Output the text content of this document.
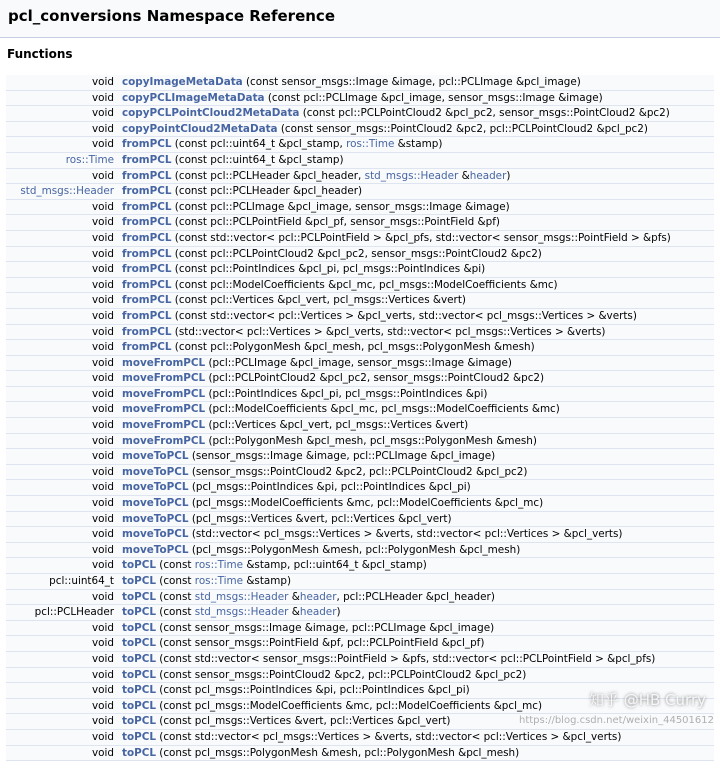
pcl_conversions Namespace Reference
Functions
void	copyImageMetaData (const sensor_msgs::Image &image, pcl::PCLImage &pcl_image)
void	copyPCLImageMetaData (const pcl::PCLImage &pcl_image, sensor_msgs::Image &image)
void	copyPCLPointCloud2MetaData (const pcl::PCLPointCloud2 &pcl_pc2, sensor_msgs::PointCloud2 &pc2)
void	copyPointCloud2MetaData (const sensor_msgs::PointCloud2 &pc2, pcl::PCLPointCloud2 &pcl_pc2)
void	fromPCL (const pcl::uint64_t &pcl_stamp, ros::Time &stamp)
ros::Time	fromPCL (const pcl::uint64_t &pcl_stamp)
void	fromPCL (const pcl::PCLHeader &pcl_header, std_msgs::Header &header)
std_msgs::Header	fromPCL (const pcl::PCLHeader &pcl_header)
void	fromPCL (const pcl::PCLImage &pcl_image, sensor_msgs::Image &image)
void	fromPCL (const pcl::PCLPointField &pcl_pf, sensor_msgs::PointField &pf)
void	fromPCL (const std::vector< pcl::PCLPointField > &pcl_pfs, std::vector< sensor_msgs::PointField > &pfs)
void	fromPCL (const pcl::PCLPointCloud2 &pcl_pc2, sensor_msgs::PointCloud2 &pc2)
void	fromPCL (const pcl::PointIndices &pcl_pi, pcl_msgs::PointIndices &pi)
void	fromPCL (const pcl::ModelCoefficients &pcl_mc, pcl_msgs::ModelCoefficients &mc)
void	fromPCL (const pcl::Vertices &pcl_vert, pcl_msgs::Vertices &vert)
void	fromPCL (const std::vector< pcl::Vertices > &pcl_verts, std::vector< pcl_msgs::Vertices > &verts)
void	fromPCL (std::vector< pcl::Vertices > &pcl_verts, std::vector< pcl_msgs::Vertices > &verts)
void	fromPCL (const pcl::PolygonMesh &pcl_mesh, pcl_msgs::PolygonMesh &mesh)
void	moveFromPCL (pcl::PCLImage &pcl_image, sensor_msgs::Image &image)
void	moveFromPCL (pcl::PCLPointCloud2 &pcl_pc2, sensor_msgs::PointCloud2 &pc2)
void	moveFromPCL (pcl::PointIndices &pcl_pi, pcl_msgs::PointIndices &pi)
void	moveFromPCL (pcl::ModelCoefficients &pcl_mc, pcl_msgs::ModelCoefficients &mc)
void	moveFromPCL (pcl::Vertices &pcl_vert, pcl_msgs::Vertices &vert)
void	moveFromPCL (pcl::PolygonMesh &pcl_mesh, pcl_msgs::PolygonMesh &mesh)
void	moveToPCL (sensor_msgs::Image &image, pcl::PCLImage &pcl_image)
void	moveToPCL (sensor_msgs::PointCloud2 &pc2, pcl::PCLPointCloud2 &pcl_pc2)
void	moveToPCL (pcl_msgs::PointIndices &pi, pcl::PointIndices &pcl_pi)
void	moveToPCL (pcl_msgs::ModelCoefficients &mc, pcl::ModelCoefficients &pcl_mc)
void	moveToPCL (pcl_msgs::Vertices &vert, pcl::Vertices &pcl_vert)
void	moveToPCL (std::vector< pcl_msgs::Vertices > &verts, std::vector< pcl::Vertices > &pcl_verts)
void	moveToPCL (pcl_msgs::PolygonMesh &mesh, pcl::PolygonMesh &pcl_mesh)
void	toPCL (const ros::Time &stamp, pcl::uint64_t &pcl_stamp)
pcl::uint64_t	toPCL (const ros::Time &stamp)
void	toPCL (const std_msgs::Header &header, pcl::PCLHeader &pcl_header)
pcl::PCLHeader	toPCL (const std_msgs::Header &header)
void	toPCL (const sensor_msgs::Image &image, pcl::PCLImage &pcl_image)
void	toPCL (const sensor_msgs::PointField &pf, pcl::PCLPointField &pcl_pf)
void	toPCL (const std::vector< sensor_msgs::PointField > &pfs, std::vector< pcl::PCLPointField > &pcl_pfs)
void	toPCL (const sensor_msgs::PointCloud2 &pc2, pcl::PCLPointCloud2 &pcl_pc2)
void	toPCL (const pcl_msgs::PointIndices &pi, pcl::PointIndices &pcl_pi)
void	toPCL (const pcl_msgs::ModelCoefficients &mc, pcl::ModelCoefficients &pcl_mc)
void	toPCL (const pcl_msgs::Vertices &vert, pcl::Vertices &pcl_vert)
void	toPCL (const std::vector< pcl_msgs::Vertices > &verts, std::vector< pcl::Vertices > &pcl_verts)
void	toPCL (const pcl_msgs::PolygonMesh &mesh, pcl::PolygonMesh &pcl_mesh)
知乎 @HB Curry
https://blog.csdn.net/weixin_44501612
